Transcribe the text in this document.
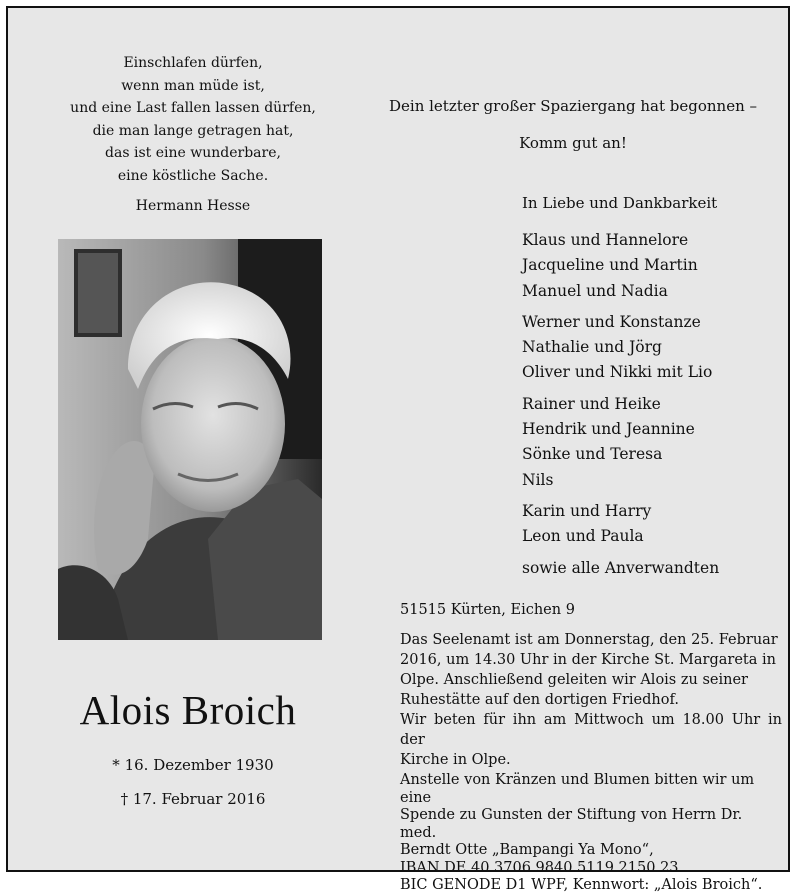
Einschlafen dürfen,
wenn man müde ist,
und eine Last fallen lassen dürfen,
die man lange getragen hat,
das ist eine wunderbare,
eine köstliche Sache.
Hermann Hesse
Alois Broich
* 16. Dezember 1930
† 17. Februar 2016
Dein letzter großer Spaziergang hat begonnen –
Komm gut an!
In Liebe und Dankbarkeit
Klaus und Hannelore
Jacqueline und Martin
Manuel und Nadia
Werner und Konstanze
Nathalie und Jörg
Oliver und Nikki mit Lio
Rainer und Heike
Hendrik und Jeannine
Sönke und Teresa
Nils
Karin und Harry
Leon und Paula
sowie alle Anverwandten
51515 Kürten, Eichen 9
Das Seelenamt ist am Donnerstag, den 25. Februar
2016, um 14.30 Uhr in der Kirche St. Margareta in
Olpe. Anschließend geleiten wir Alois zu seiner
Ruhestätte auf den dortigen Friedhof.
Wir beten für ihn am Mittwoch um 18.00 Uhr in der
Kirche in Olpe.
Anstelle von Kränzen und Blumen bitten wir um eine
Spende zu Gunsten der Stiftung von Herrn Dr. med.
Berndt Otte „Bampangi Ya Mono“,
IBAN DE 40 3706 9840 5119 2150 23
BIC GENODE D1 WPF, Kennwort: „Alois Broich“.
